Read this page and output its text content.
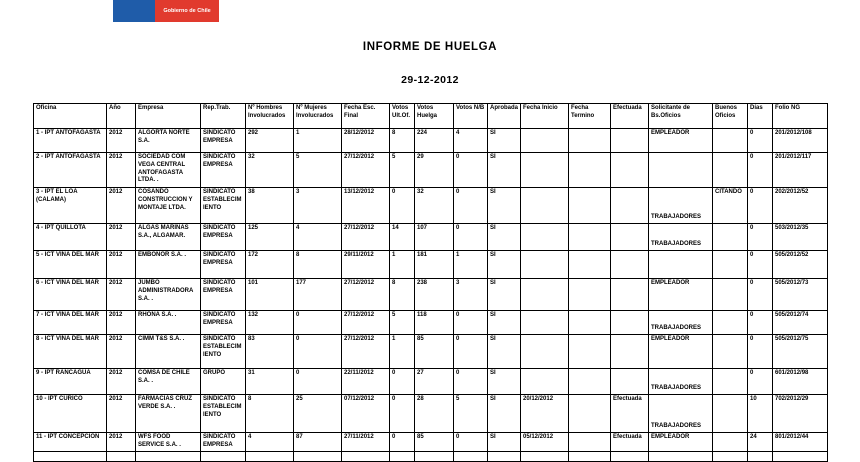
Gobierno de Chile
INFORME DE HUELGA
29-12-2012
Oficina	Año	Empresa	Rep.Trab.	Nº Hombres Involucrados	Nº Mujeres Involucrados	Fecha Esc. Final	Votos Ult.Of.	Votos Huelga	Votos N/B	Aprobada	Fecha Inicio	Fecha Termino	Efectuada	Solicitante de Bs.Oficios	Buenos Oficios	Días	Folio NG
1 - IPT ANTOFAGASTA	2012	ALGORTA NORTE S.A.	SINDICATO EMPRESA	292	1	28/12/2012	8	224	4	SI				EMPLEADOR		0	201/2012/108
2 - IPT ANTOFAGASTA	2012	SOCIEDAD COM VEGA CENTRAL ANTOFAGASTA LTDA. .	SINDICATO EMPRESA	32	5	27/12/2012	5	29	0	SI						0	201/2012/117
3 - IPT EL LOA (CALAMA)	2012	COSANDO CONSTRUCCION Y MONTAJE LTDA.	SINDICATO ESTABLECIMIENTO	38	3	13/12/2012	0	32	0	SI				TRABAJADORES	CITANDO	0	202/2012/52
4 - IPT QUILLOTA	2012	ALGAS MARINAS S.A., ALGAMAR.	SINDICATO EMPRESA	125	4	27/12/2012	14	107	0	SI				TRABAJADORES		0	503/2012/35
5 - ICT VIÑA DEL MAR	2012	EMBONOR S.A. .	SINDICATO EMPRESA	172	8	29/11/2012	1	181	1	SI						0	505/2012/52
6 - ICT VIÑA DEL MAR	2012	JUMBO ADMINISTRADORA S.A. .	SINDICATO EMPRESA	101	177	27/12/2012	8	238	3	SI				EMPLEADOR		0	505/2012/73
7 - ICT VIÑA DEL MAR	2012	RHONA S.A. .	SINDICATO EMPRESA	132	0	27/12/2012	5	118	0	SI				TRABAJADORES		0	505/2012/74
8 - ICT VIÑA DEL MAR	2012	CIMM T&S S.A. .	SINDICATO ESTABLECIMIENTO	83	0	27/12/2012	1	85	0	SI				EMPLEADOR		0	505/2012/75
9 - IPT RANCAGUA	2012	COMSA DE CHILE S.A. .	GRUPO	31	0	22/11/2012	0	27	0	SI				TRABAJADORES		0	601/2012/98
10 - IPT CURICO	2012	FARMACIAS CRUZ VERDE S.A. .	SINDICATO ESTABLECIMIENTO	8	25	07/12/2012	0	28	5	SI	20/12/2012		Efectuada	TRABAJADORES		10	702/2012/29
11 - IPT CONCEPCION	2012	WFS FOOD SERVICE S.A. .	SINDICATO EMPRESA	4	87	27/11/2012	0	85	0	SI	05/12/2012		Efectuada	EMPLEADOR		24	801/2012/44
